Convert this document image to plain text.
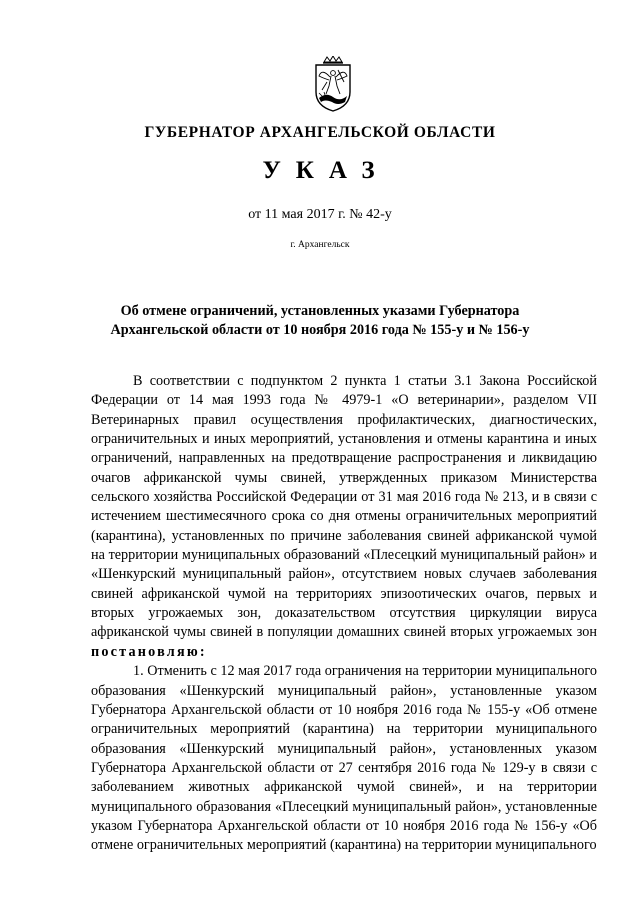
ГУБЕРНАТОР АРХАНГЕЛЬСКОЙ ОБЛАСТИ
УКАЗ
от 11 мая 2017 г. № 42-у
г. Архангельск
Об отмене ограничений, установленных указами Губернатора
Архангельской области от 10 ноября 2016 года № 155-у и № 156-у

В соответствии с подпунктом 2 пункта 1 статьи 3.1 Закона Российской Федерации от 14 мая 1993 года № 4979-1 «О ветеринарии», разделом VII Ветеринарных правил осуществления профилактических, диагностических, ограничительных и иных мероприятий, установления и отмены карантина и иных ограничений, направленных на предотвращение распространения и ликвидацию очагов африканской чумы свиней, утвержденных приказом Министерства сельского хозяйства Российской Федерации от 31 мая 2016 года № 213, и в связи с истечением шестимесячного срока со дня отмены ограничительных мероприятий (карантина), установленных по причине заболевания свиней африканской чумой на территории муниципальных образований «Плесецкий муниципальный район» и «Шенкурский муниципальный район», отсутствием новых случаев заболевания свиней африканской чумой на территориях эпизоотических очагов, первых и вторых угрожаемых зон, доказательством отсутствия циркуляции вируса африканской чумы свиней в популяции домашних свиней вторых угрожаемых зон постановляю:

1. Отменить с 12 мая 2017 года ограничения на территории муниципального образования «Шенкурский муниципальный район», установленные указом Губернатора Архангельской области от 10 ноября 2016 года № 155-у «Об отмене ограничительных мероприятий (карантина) на территории муниципального образования «Шенкурский муниципальный район», установленных указом Губернатора Архангельской области от 27 сентября 2016 года № 129-у в связи с заболеванием животных африканской чумой свиней», и на территории муниципального образования «Плесецкий муниципальный район», установленные указом Губернатора Архангельской области от 10 ноября 2016 года № 156-у «Об отмене ограничительных мероприятий (карантина) на территории муниципального
